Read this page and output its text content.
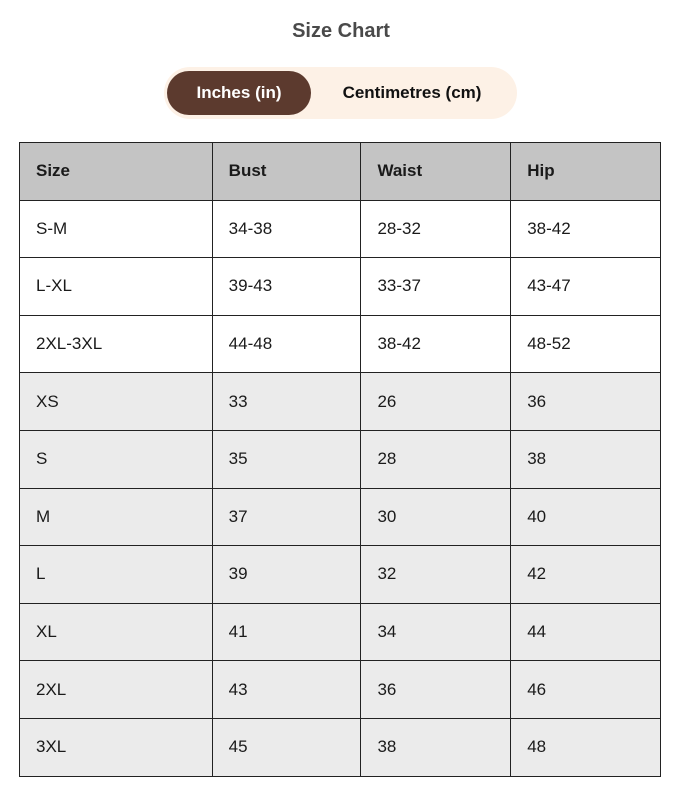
Size Chart
Inches (in)	Centimetres (cm)
Size	Bust	Waist	Hip
S-M	34-38	28-32	38-42
L-XL	39-43	33-37	43-47
2XL-3XL	44-48	38-42	48-52
XS	33	26	36
S	35	28	38
M	37	30	40
L	39	32	42
XL	41	34	44
2XL	43	36	46
3XL	45	38	48
